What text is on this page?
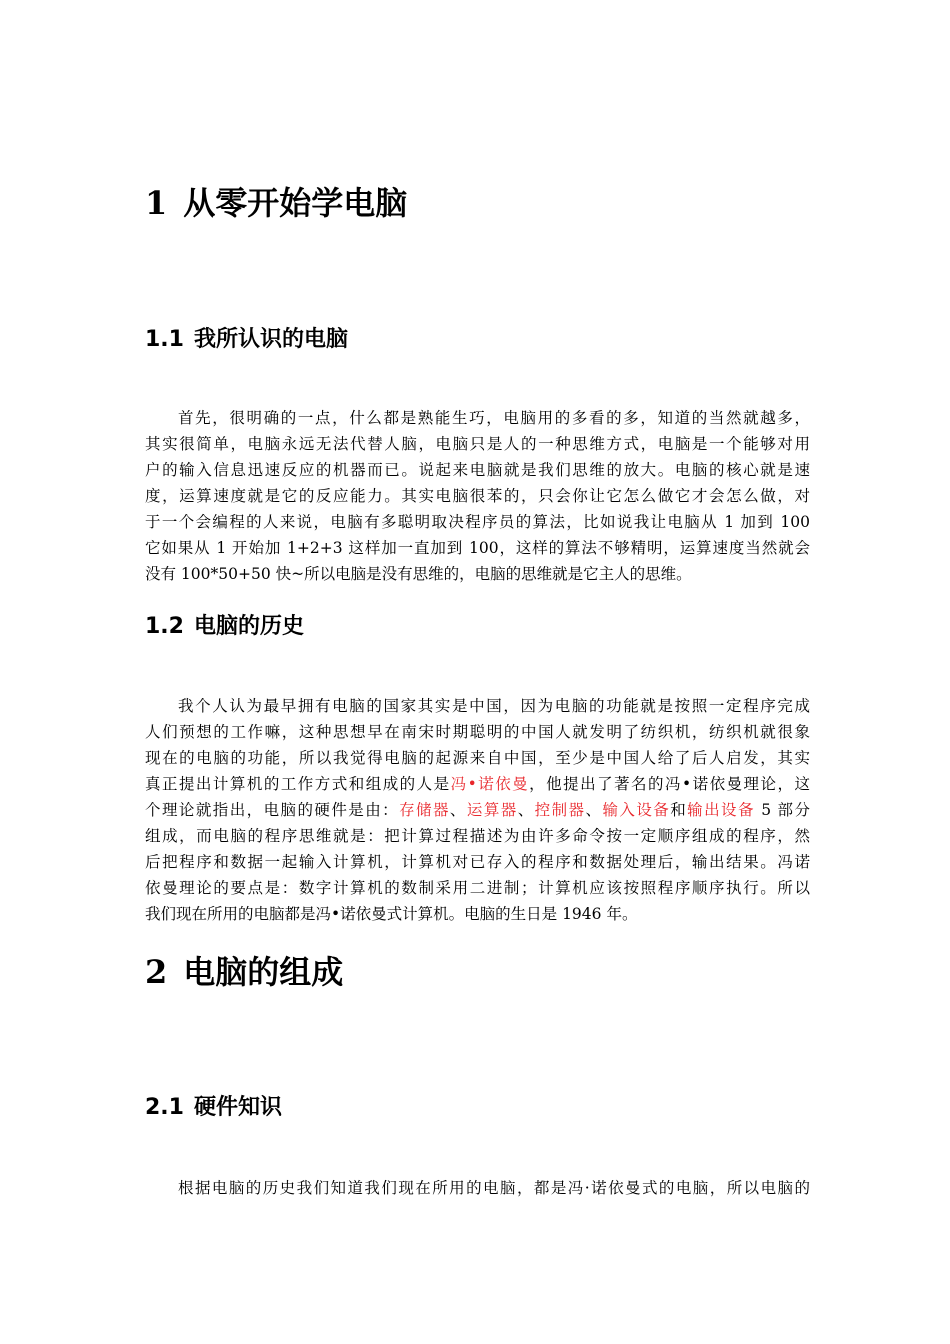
1 从零开始学电脑
1.1 我所认识的电脑
首先，很明确的一点，什么都是熟能生巧，电脑用的多看的多，知道的当然就越多，
其实很简单，电脑永远无法代替人脑，电脑只是人的一种思维方式，电脑是一个能够对用
户的输入信息迅速反应的机器而已。说起来电脑就是我们思维的放大。电脑的核心就是速
度，运算速度就是它的反应能力。其实电脑很苯的，只会你让它怎么做它才会怎么做，对
于一个会编程的人来说，电脑有多聪明取决程序员的算法，比如说我让电脑从 1 加到 100
它如果从 1 开始加 1+2+3 这样加一直加到 100，这样的算法不够精明，运算速度当然就会
没有 100*50+50 快~所以电脑是没有思维的，电脑的思维就是它主人的思维。
1.2 电脑的历史
我个人认为最早拥有电脑的国家其实是中国，因为电脑的功能就是按照一定程序完成
人们预想的工作嘛，这种思想早在南宋时期聪明的中国人就发明了纺织机，纺织机就很象
现在的电脑的功能，所以我觉得电脑的起源来自中国，至少是中国人给了后人启发，其实
真正提出计算机的工作方式和组成的人是冯•诺依曼，他提出了著名的冯•诺依曼理论，这
个理论就指出，电脑的硬件是由：存储器、运算器、控制器、输入设备和输出设备 5 部分
组成，而电脑的程序思维就是：把计算过程描述为由许多命令按一定顺序组成的程序，然
后把程序和数据一起输入计算机，计算机对已存入的程序和数据处理后，输出结果。冯诺
依曼理论的要点是：数字计算机的数制采用二进制；计算机应该按照程序顺序执行。所以
我们现在所用的电脑都是冯•诺依曼式计算机。电脑的生日是 1946 年。
2 电脑的组成
2.1 硬件知识
根据电脑的历史我们知道我们现在所用的电脑，都是冯·诺依曼式的电脑，所以电脑的
